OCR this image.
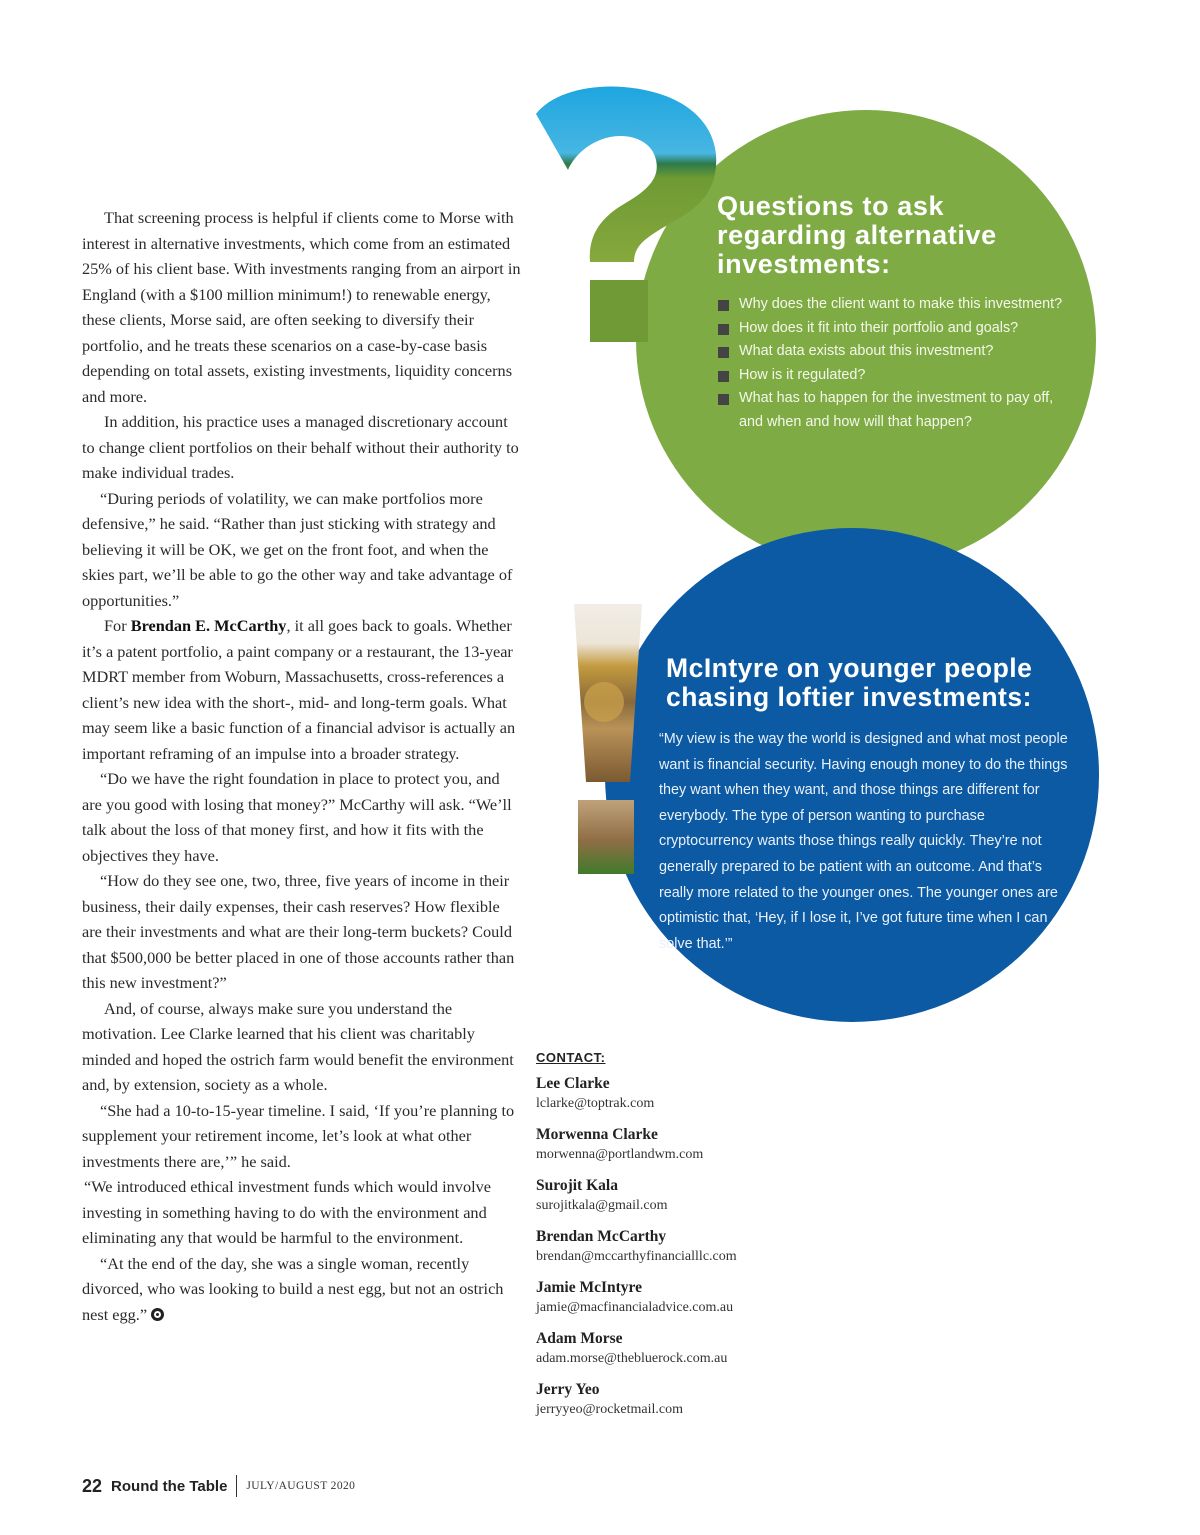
That screening process is helpful if clients come to Morse with interest in alternative investments, which come from an estimated 25% of his client base. With investments ranging from an airport in England (with a $100 million minimum!) to renewable energy, these clients, Morse said, are often seeking to diversify their portfolio, and he treats these scenarios on a case-by-case basis depending on total assets, existing investments, liquidity concerns and more.

In addition, his practice uses a managed discretionary account to change client portfolios on their behalf without their authority to make individual trades.

“During periods of volatility, we can make portfolios more defensive,” he said. “Rather than just sticking with strategy and believing it will be OK, we get on the front foot, and when the skies part, we’ll be able to go the other way and take advantage of opportunities.”

For Brendan E. McCarthy, it all goes back to goals. Whether it’s a patent portfolio, a paint company or a restaurant, the 13-year MDRT member from Woburn, Massachusetts, cross-references a client’s new idea with the short-, mid- and long-term goals. What may seem like a basic function of a financial advisor is actually an important reframing of an impulse into a broader strategy.

“Do we have the right foundation in place to protect you, and are you good with losing that money?” McCarthy will ask. “We’ll talk about the loss of that money first, and how it fits with the objectives they have.

“How do they see one, two, three, five years of income in their business, their daily expenses, their cash reserves? How flexible are their investments and what are their long-term buckets? Could that $500,000 be better placed in one of those accounts rather than this new investment?”

And, of course, always make sure you understand the motivation. Lee Clarke learned that his client was charitably minded and hoped the ostrich farm would benefit the environment and, by extension, society as a whole.

“She had a 10-to-15-year timeline. I said, ‘If you’re planning to supplement your retirement income, let’s look at what other investments there are,’” he said.

“We introduced ethical investment funds which would involve investing in something having to do with the environment and eliminating any that would be harmful to the environment.

“At the end of the day, she was a single woman, recently divorced, who was looking to build a nest egg, but not an ostrich nest egg.”

Questions to ask regarding alternative investments:
Why does the client want to make this investment?
How does it fit into their portfolio and goals?
What data exists about this investment?
How is it regulated?
What has to happen for the investment to pay off, and when and how will that happen?
McIntyre on younger people chasing loftier investments:

“My view is the way the world is designed and what most people want is financial security. Having enough money to do the things they want when they want, and those things are different for everybody. The type of person wanting to purchase cryptocurrency wants those things really quickly. They’re not generally prepared to be patient with an outcome. And that’s really more related to the younger ones. The younger ones are optimistic that, ‘Hey, if I lose it, I’ve got future time when I can solve that.’”

CONTACT:
Lee Clarke
lclarke@toptrak.com
Morwenna Clarke
morwenna@portlandwm.com
Surojit Kala
surojitkala@gmail.com
Brendan McCarthy
brendan@mccarthyfinancialllc.com
Jamie McIntyre
jamie@macfinancialadvice.com.au
Adam Morse
adam.morse@thebluerock.com.au
Jerry Yeo
jerryyeo@rocketmail.com
22 Round the Table JULY/AUGUST 2020
